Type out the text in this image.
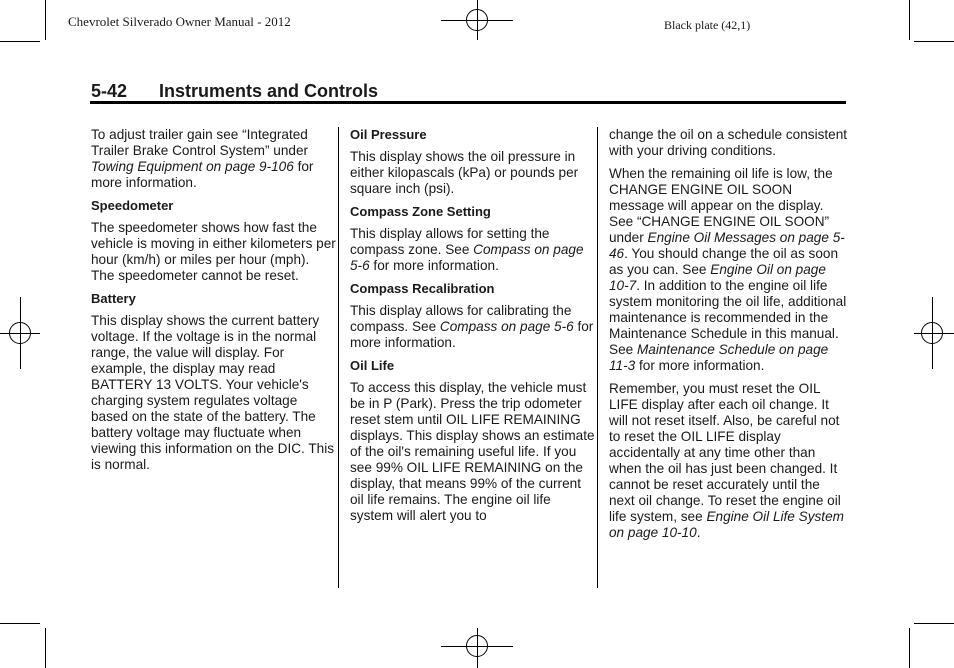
Chevrolet Silverado Owner Manual - 2012	Black plate (42,1)
5-42 Instruments and Controls

To adjust trailer gain see “Integrated Trailer Brake Control System” under Towing Equipment on page 9-106 for more information.

Speedometer

The speedometer shows how fast the vehicle is moving in either kilometers per hour (km/h) or miles per hour (mph). The speedometer cannot be reset.

Battery

This display shows the current battery voltage. If the voltage is in the normal range, the value will display. For example, the display may read BATTERY 13 VOLTS. Your vehicle's charging system regulates voltage based on the state of the battery. The battery voltage may fluctuate when viewing this information on the DIC. This is normal.

Oil Pressure

This display shows the oil pressure in either kilopascals (kPa) or pounds per square inch (psi).

Compass Zone Setting

This display allows for setting the compass zone. See Compass on page 5-6 for more information.

Compass Recalibration

This display allows for calibrating the compass. See Compass on page 5-6 for more information.

Oil Life

To access this display, the vehicle must be in P (Park). Press the trip odometer reset stem until OIL LIFE REMAINING displays. This display shows an estimate of the oil's remaining useful life. If you see 99% OIL LIFE REMAINING on the display, that means 99% of the current oil life remains. The engine oil life system will alert you to

change the oil on a schedule consistent with your driving conditions.

When the remaining oil life is low, the CHANGE ENGINE OIL SOON message will appear on the display. See “CHANGE ENGINE OIL SOON” under Engine Oil Messages on page 5-46. You should change the oil as soon as you can. See Engine Oil on page 10-7. In addition to the engine oil life system monitoring the oil life, additional maintenance is recommended in the Maintenance Schedule in this manual. See Maintenance Schedule on page 11-3 for more information.

Remember, you must reset the OIL LIFE display after each oil change. It will not reset itself. Also, be careful not to reset the OIL LIFE display accidentally at any time other than when the oil has just been changed. It cannot be reset accurately until the next oil change. To reset the engine oil life system, see Engine Oil Life System on page 10-10.
